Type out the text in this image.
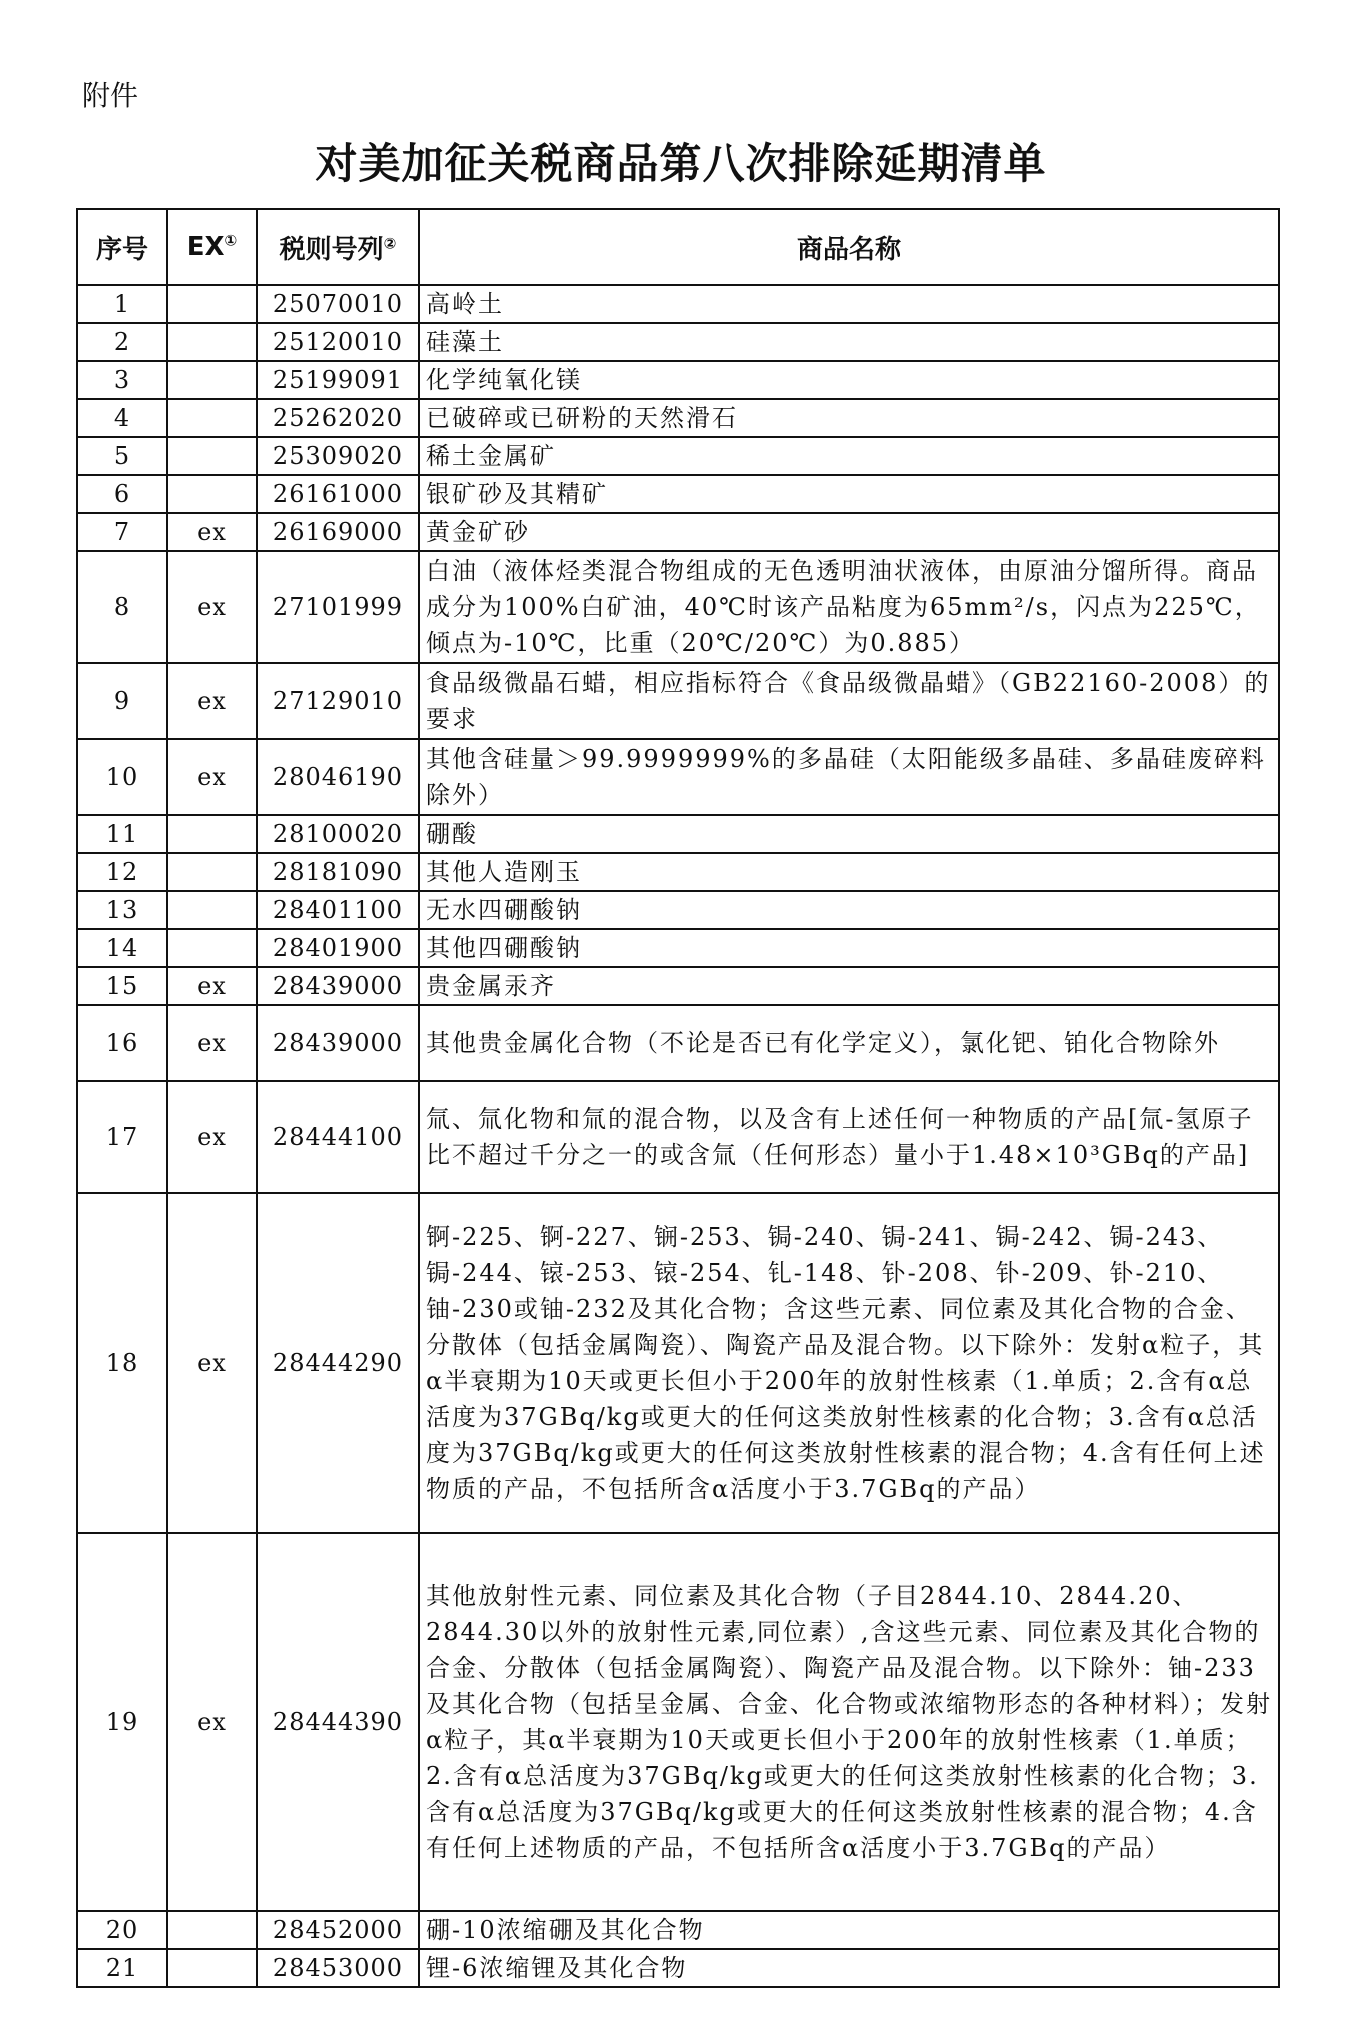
附件
对美加征关税商品第八次排除延期清单
序号	EX①	税则号列②	商品名称
1		25070010	高岭土
2		25120010	硅藻土
3		25199091	化学纯氧化镁
4		25262020	已破碎或已研粉的天然滑石
5		25309020	稀土金属矿
6		26161000	银矿砂及其精矿
7	ex	26169000	黄金矿砂
8	ex	27101999	白油（液体烃类混合物组成的无色透明油状液体，由原油分馏所得。商品成分为100%白矿油，40℃时该产品粘度为65mm²/s，闪点为225℃，倾点为-10℃，比重（20℃/20℃）为0.885）
9	ex	27129010	食品级微晶石蜡，相应指标符合《食品级微晶蜡》（GB22160-2008）的要求
10	ex	28046190	其他含硅量＞99.9999999%的多晶硅（太阳能级多晶硅、多晶硅废碎料除外）
11		28100020	硼酸
12		28181090	其他人造刚玉
13		28401100	无水四硼酸钠
14		28401900	其他四硼酸钠
15	ex	28439000	贵金属汞齐
16	ex	28439000	其他贵金属化合物（不论是否已有化学定义），氯化钯、铂化合物除外
17	ex	28444100	氚、氚化物和氚的混合物，以及含有上述任何一种物质的产品[氚-氢原子比不超过千分之一的或含氚（任何形态）量小于1.48×10³GBq的产品]
18	ex	28444290	锕-225、锕-227、锎-253、锔-240、锔-241、锔-242、锔-243、锔-244、锿-253、锿-254、钆-148、钋-208、钋-209、钋-210、铀-230或铀-232及其化合物；含这些元素、同位素及其化合物的合金、分散体（包括金属陶瓷）、陶瓷产品及混合物。以下除外：发射α粒子，其α半衰期为10天或更长但小于200年的放射性核素（1.单质；2.含有α总活度为37GBq/kg或更大的任何这类放射性核素的化合物；3.含有α总活度为37GBq/kg或更大的任何这类放射性核素的混合物；4.含有任何上述物质的产品，不包括所含α活度小于3.7GBq的产品）
19	ex	28444390	其他放射性元素、同位素及其化合物（子目2844.10、2844.20、2844.30以外的放射性元素,同位素）,含这些元素、同位素及其化合物的合金、分散体（包括金属陶瓷）、陶瓷产品及混合物。以下除外：铀-233及其化合物（包括呈金属、合金、化合物或浓缩物形态的各种材料）；发射α粒子，其α半衰期为10天或更长但小于200年的放射性核素（1.单质；2.含有α总活度为37GBq/kg或更大的任何这类放射性核素的化合物；3.含有α总活度为37GBq/kg或更大的任何这类放射性核素的混合物；4.含有任何上述物质的产品，不包括所含α活度小于3.7GBq的产品）
20		28452000	硼-10浓缩硼及其化合物
21		28453000	锂-6浓缩锂及其化合物
